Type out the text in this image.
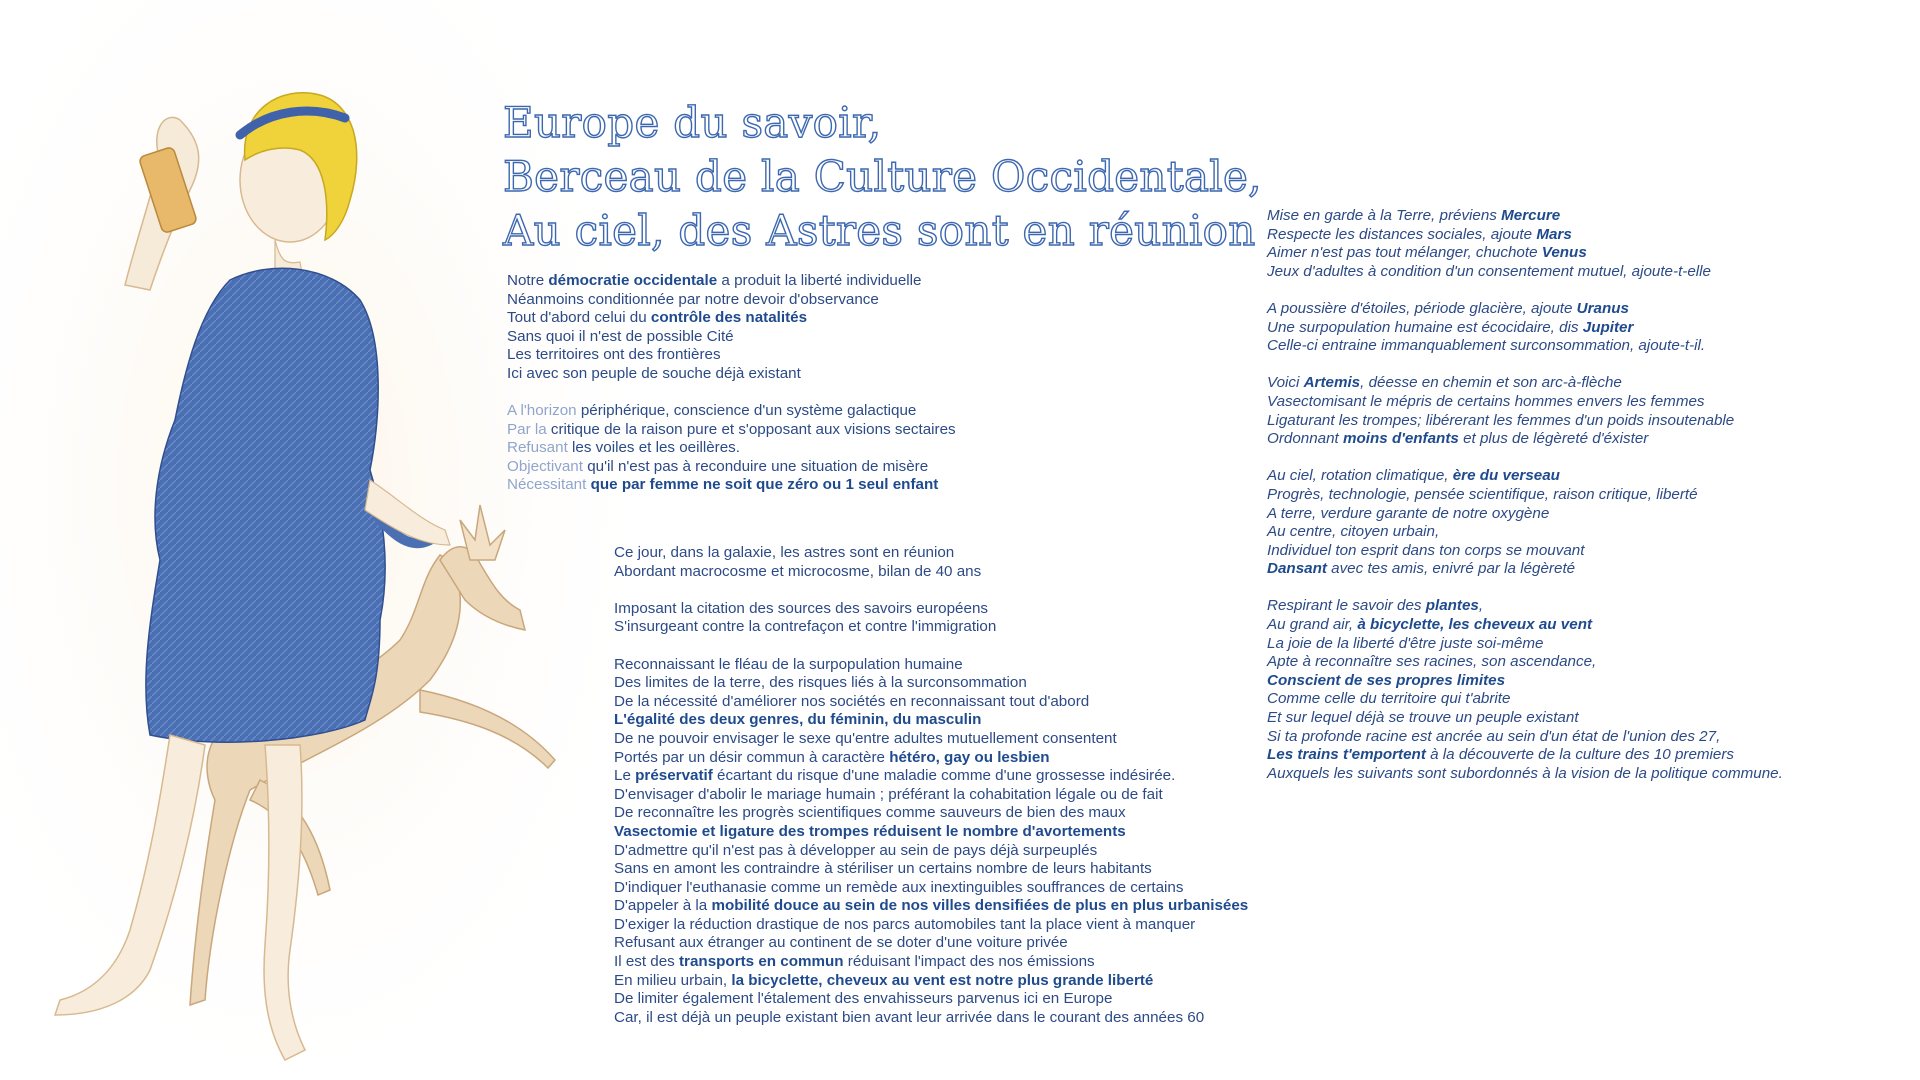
Europe du savoir,
Berceau de la Culture Occidentale,
Au ciel, des Astres sont en réunion
Notre démocratie occidentale a produit la liberté individuelle
Néanmoins conditionnée par notre devoir d'observance
Tout d'abord celui du contrôle des natalités
Sans quoi il n'est de possible Cité
Les territoires ont des frontières
Ici avec son peuple de souche déjà existant
A l'horizon périphérique, conscience d'un système galactique
Par la critique de la raison pure et s'opposant aux visions sectaires
Refusant les voiles et les oeillères.
Objectivant qu'il n'est pas à reconduire une situation de misère
Nécessitant que par femme ne soit que zéro ou 1 seul enfant
Ce jour, dans la galaxie, les astres sont en réunion
Abordant macrocosme et microcosme, bilan de 40 ans
Imposant la citation des sources des savoirs européens
S'insurgeant contre la contrefaçon et contre l'immigration
Reconnaissant le fléau de la surpopulation humaine
Des limites de la terre, des risques liés à la surconsommation
De la nécessité d'améliorer nos sociétés en reconnaissant tout d'abord
L'égalité des deux genres, du féminin, du masculin
De ne pouvoir envisager le sexe qu'entre adultes mutuellement consentent
Portés par un désir commun à caractère hétéro, gay ou lesbien
Le préservatif écartant du risque d'une maladie comme d'une grossesse indésirée.
D'envisager d'abolir le mariage humain ; préférant la cohabitation légale ou de fait
De reconnaître les progrès scientifiques comme sauveurs de bien des maux
Vasectomie et ligature des trompes réduisent le nombre d'avortements
D'admettre qu'il n'est pas à développer au sein de pays déjà surpeuplés
Sans en amont les contraindre à stériliser un certains nombre de leurs habitants
D'indiquer l'euthanasie comme un remède aux inextinguibles souffrances de certains
D'appeler à la mobilité douce au sein de nos villes densifiées de plus en plus urbanisées
D'exiger la réduction drastique de nos parcs automobiles tant la place vient à manquer
Refusant aux étranger au continent de se doter d'une voiture privée
Il est des transports en commun réduisant l'impact des nos émissions
En milieu urbain, la bicyclette, cheveux au vent est notre plus grande liberté
De limiter également l'étalement des envahisseurs parvenus ici en Europe
Car, il est déjà un peuple existant bien avant leur arrivée dans le courant des années 60
Mise en garde à la Terre, préviens Mercure
Respecte les distances sociales, ajoute Mars
Aimer n'est pas tout mélanger, chuchote Venus
Jeux d'adultes à condition d'un consentement mutuel, ajoute-t-elle
A poussière d'étoiles, période glacière, ajoute Uranus
Une surpopulation humaine est écocidaire, dis Jupiter
Celle-ci entraine immanquablement surconsommation, ajoute-t-il.
Voici Artemis, déesse en chemin et son arc-à-flèche
Vasectomisant le mépris de certains hommes envers les femmes
Ligaturant les trompes; libérerant les femmes d'un poids insoutenable
Ordonnant moins d'enfants et plus de légèreté d'éxister
Au ciel, rotation climatique, ère du verseau
Progrès, technologie, pensée scientifique, raison critique, liberté
A terre, verdure garante de notre oxygène
Au centre, citoyen urbain,
Individuel ton esprit dans ton corps se mouvant
Dansant avec tes amis, enivré par la légèreté
Respirant le savoir des plantes,
Au grand air, à bicyclette, les cheveux au vent
La joie de la liberté d'être juste soi-même
Apte à reconnaître ses racines, son ascendance,
Conscient de ses propres limites
Comme celle du territoire qui t'abrite
Et sur lequel déjà se trouve un peuple existant
Si ta profonde racine est ancrée au sein d'un état de l'union des 27,
Les trains t'emportent à la découverte de la culture des 10 premiers
Auxquels les suivants sont subordonnés à la vision de la politique commune.
